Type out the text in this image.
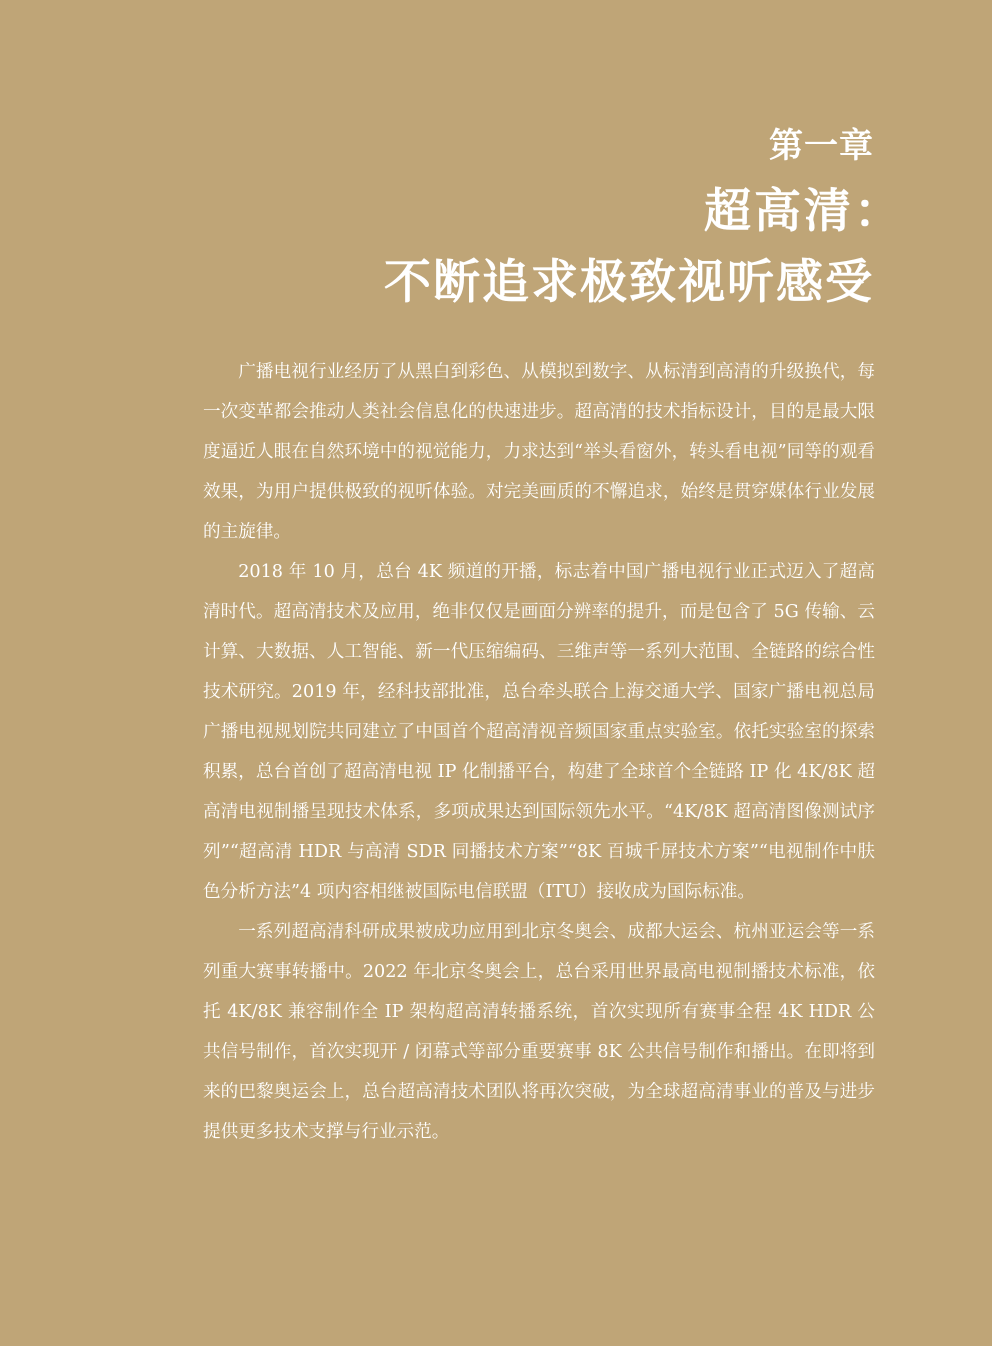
第一章
超高清：
不断追求极致视听感受

广播电视行业经历了从黑白到彩色、从模拟到数字、从标清到高清的升级换代，每一次变革都会推动人类社会信息化的快速进步。超高清的技术指标设计，目的是最大限度逼近人眼在自然环境中的视觉能力，力求达到“举头看窗外，转头看电视”同等的观看效果，为用户提供极致的视听体验。对完美画质的不懈追求，始终是贯穿媒体行业发展的主旋律。

2018 年 10 月，总台 4K 频道的开播，标志着中国广播电视行业正式迈入了超高清时代。超高清技术及应用，绝非仅仅是画面分辨率的提升，而是包含了 5G 传输、云计算、大数据、人工智能、新一代压缩编码、三维声等一系列大范围、全链路的综合性技术研究。2019 年，经科技部批准，总台牵头联合上海交通大学、国家广播电视总局广播电视规划院共同建立了中国首个超高清视音频国家重点实验室。依托实验室的探索积累，总台首创了超高清电视 IP 化制播平台，构建了全球首个全链路 IP 化 4K/8K 超高清电视制播呈现技术体系，多项成果达到国际领先水平。“4K/8K 超高清图像测试序列”“超高清 HDR 与高清 SDR 同播技术方案”“8K 百城千屏技术方案”“电视制作中肤色分析方法”4 项内容相继被国际电信联盟（ITU）接收成为国际标准。

一系列超高清科研成果被成功应用到北京冬奥会、成都大运会、杭州亚运会等一系列重大赛事转播中。2022 年北京冬奥会上，总台采用世界最高电视制播技术标准，依托 4K/8K 兼容制作全 IP 架构超高清转播系统，首次实现所有赛事全程 4K HDR 公共信号制作，首次实现开 / 闭幕式等部分重要赛事 8K 公共信号制作和播出。在即将到来的巴黎奥运会上，总台超高清技术团队将再次突破，为全球超高清事业的普及与进步提供更多技术支撑与行业示范。
